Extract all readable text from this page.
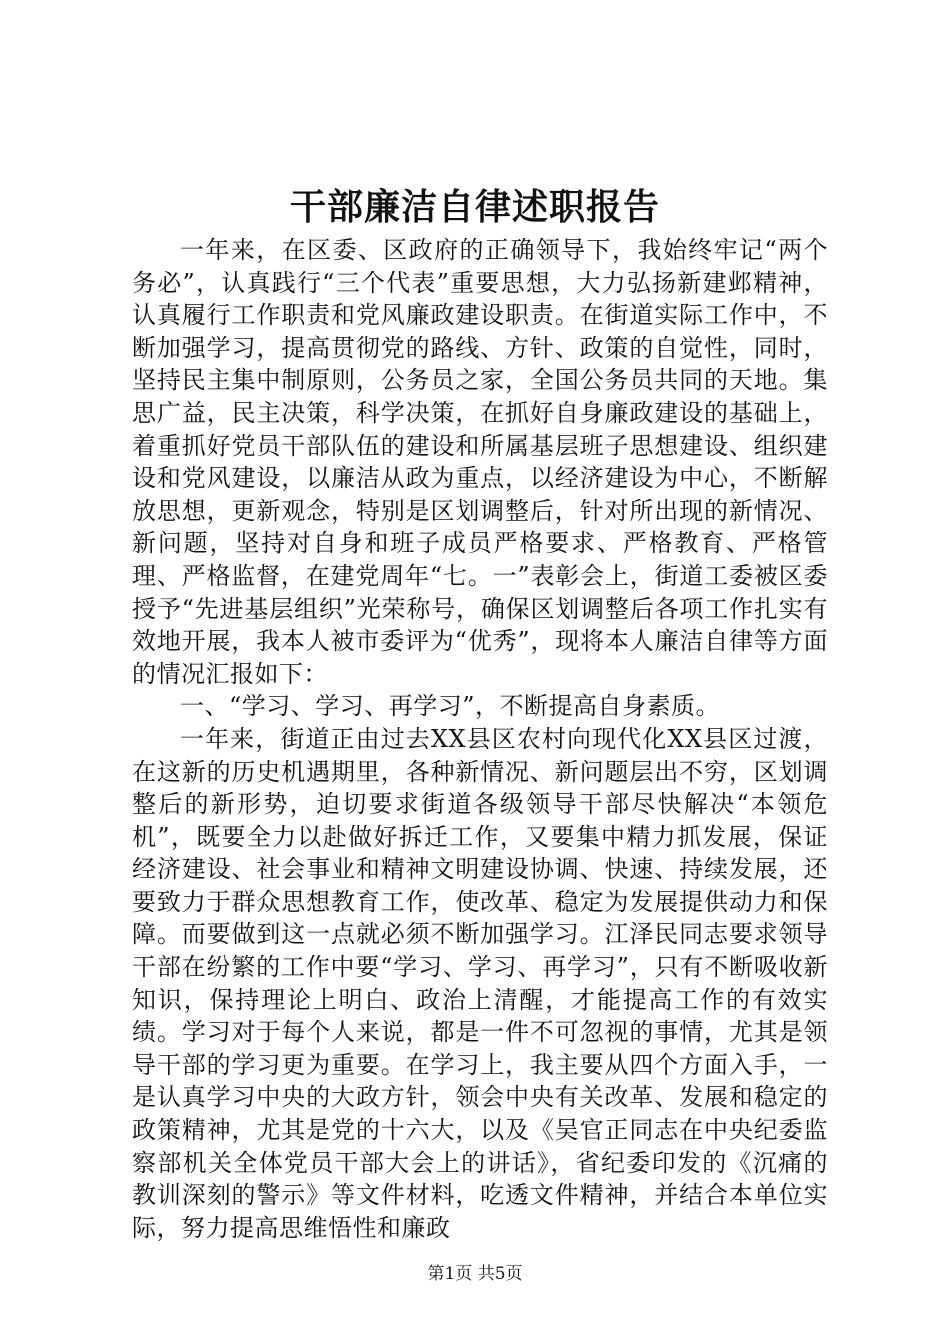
干部廉洁自律述职报告

一年来，在区委、区政府的正确领导下，我始终牢记“两个务必”，认真践行“三个代表”重要思想，大力弘扬新建邺精神，认真履行工作职责和党风廉政建设职责。在街道实际工作中，不断加强学习，提高贯彻党的路线、方针、政策的自觉性，同时，坚持民主集中制原则，公务员之家，全国公务员共同的天地。集思广益，民主决策，科学决策，在抓好自身廉政建设的基础上，着重抓好党员干部队伍的建设和所属基层班子思想建设、组织建设和党风建设，以廉洁从政为重点，以经济建设为中心，不断解放思想，更新观念，特别是区划调整后，针对所出现的新情况、新问题，坚持对自身和班子成员严格要求、严格教育、严格管理、严格监督，在建党周年“七。一”表彰会上，街道工委被区委授予“先进基层组织”光荣称号，确保区划调整后各项工作扎实有效地开展，我本人被市委评为“优秀”，现将本人廉洁自律等方面的情况汇报如下：

一、“学习、学习、再学习”，不断提高自身素质。

一年来，街道正由过去XX县区农村向现代化XX县区过渡，在这新的历史机遇期里，各种新情况、新问题层出不穷，区划调整后的新形势，迫切要求街道各级领导干部尽快解决“本领危机”，既要全力以赴做好拆迁工作，又要集中精力抓发展，保证经济建设、社会事业和精神文明建设协调、快速、持续发展，还要致力于群众思想教育工作，使改革、稳定为发展提供动力和保障。而要做到这一点就必须不断加强学习。江泽民同志要求领导干部在纷繁的工作中要“学习、学习、再学习”，只有不断吸收新知识，保持理论上明白、政治上清醒，才能提高工作的有效实绩。学习对于每个人来说，都是一件不可忽视的事情，尤其是领导干部的学习更为重要。在学习上，我主要从四个方面入手，一是认真学习中央的大政方针，领会中央有关改革、发展和稳定的政策精神，尤其是党的十六大，以及《吴官正同志在中央纪委监察部机关全体党员干部大会上的讲话》，省纪委印发的《沉痛的教训深刻的警示》等文件材料，吃透文件精神，并结合本单位实际，努力提高思维悟性和廉政

第1页 共5页
